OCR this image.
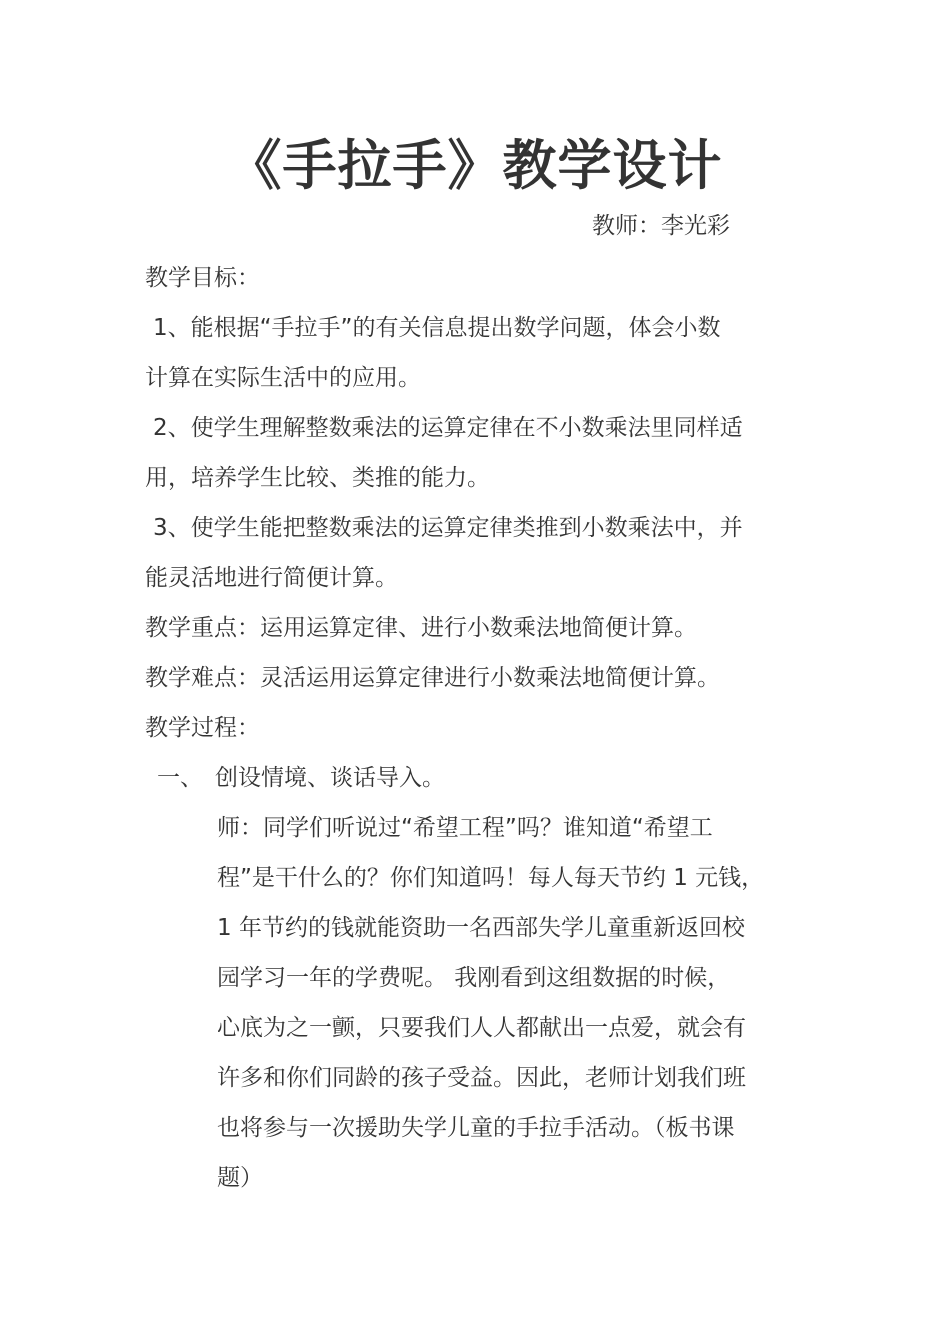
《手拉手》教学设计
教师：李光彩

教学目标：

1、能根据“手拉手”的有关信息提出数学问题，体会小数

计算在实际生活中的应用。

2、使学生理解整数乘法的运算定律在不小数乘法里同样适

用，培养学生比较、类推的能力。

3、使学生能把整数乘法的运算定律类推到小数乘法中，并

能灵活地进行简便计算。

教学重点：运用运算定律、进行小数乘法地简便计算。

教学难点：灵活运用运算定律进行小数乘法地简便计算。

教学过程：

一、 创设情境、谈话导入。

师：同学们听说过“希望工程”吗？谁知道“希望工

程”是干什么的？你们知道吗！每人每天节约 1 元钱，

1 年节约的钱就能资助一名西部失学儿童重新返回校

园学习一年的学费呢。 我刚看到这组数据的时候，

心底为之一颤，只要我们人人都献出一点爱，就会有

许多和你们同龄的孩子受益。因此，老师计划我们班

也将参与一次援助失学儿童的手拉手活动。（板书课

题）
